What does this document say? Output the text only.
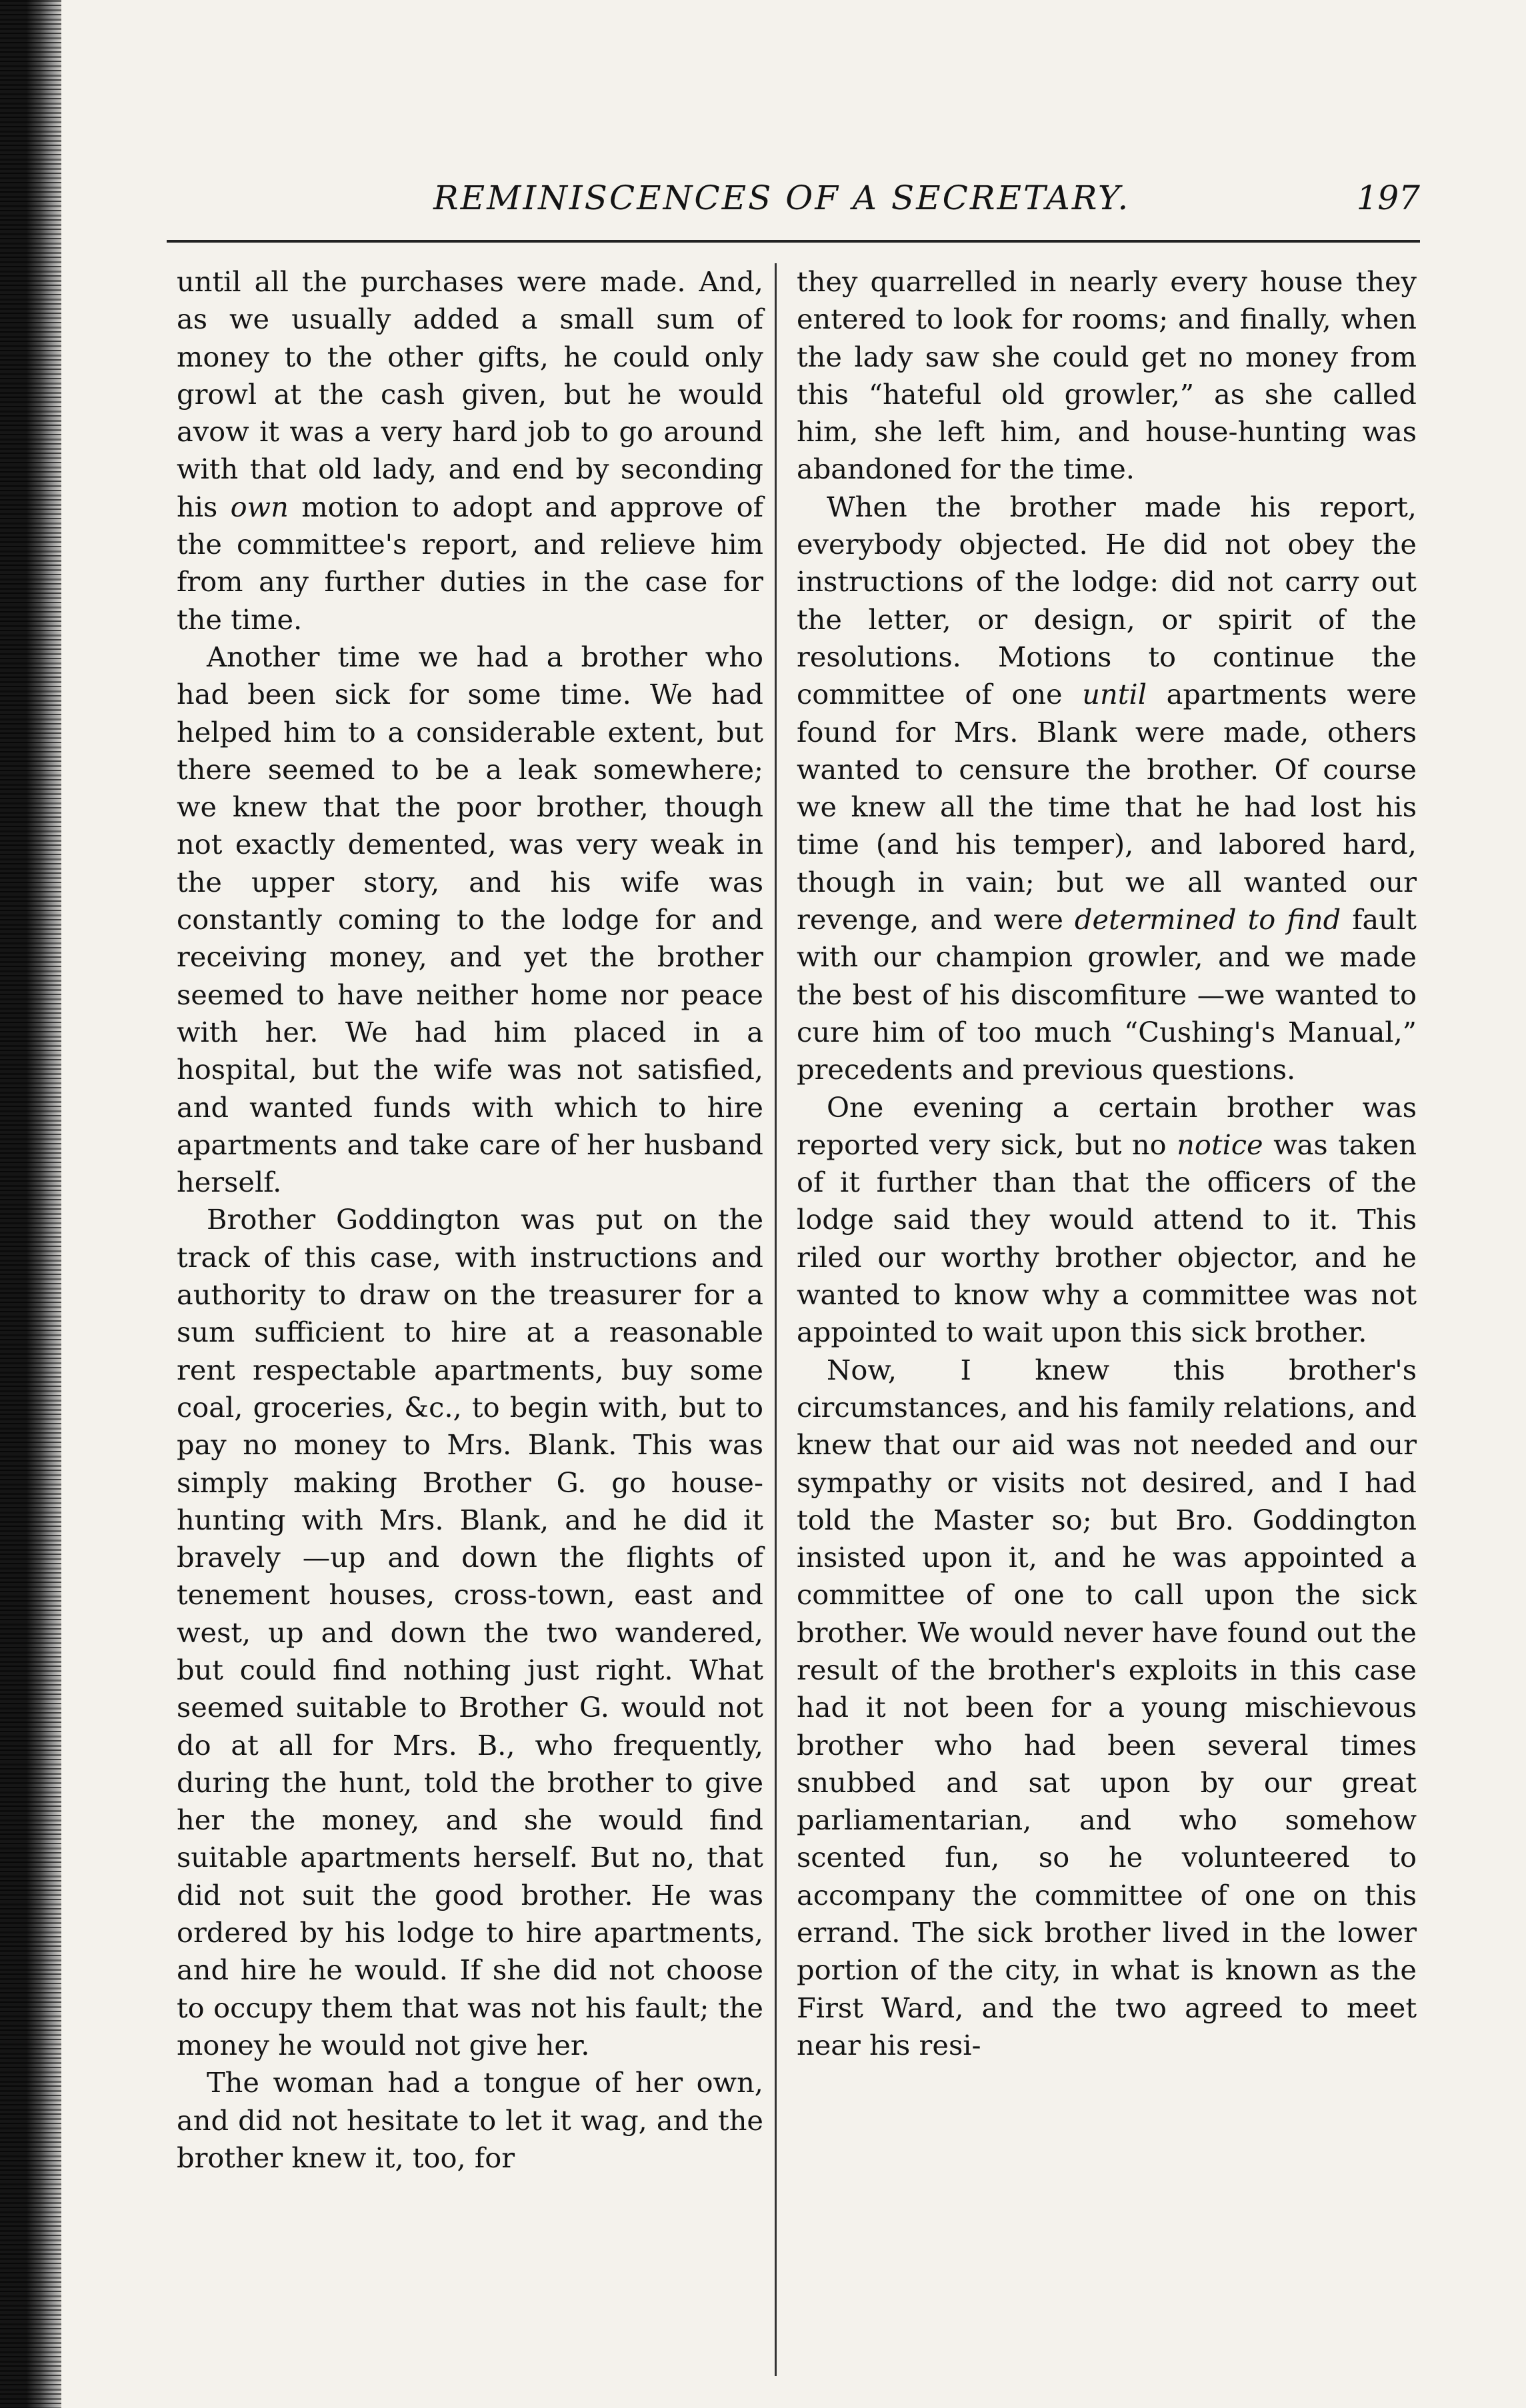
REMINISCENCES OF A SECRETARY.	197

until all the purchases were made. And, as we usually added a small sum of money to the other gifts, he could only growl at the cash given, but he would avow it was a very hard job to go around with that old lady, and end by seconding his own motion to adopt and approve of the committee's report, and relieve him from any further duties in the case for the time.

Another time we had a brother who had been sick for some time. We had helped him to a considerable extent, but there seemed to be a leak somewhere; we knew that the poor brother, though not exactly demented, was very weak in the upper story, and his wife was constantly coming to the lodge for and receiving money, and yet the brother seemed to have neither home nor peace with her. We had him placed in a hospital, but the wife was not satisfied, and wanted funds with which to hire apartments and take care of her husband herself.

Brother Goddington was put on the track of this case, with instructions and authority to draw on the treasurer for a sum sufficient to hire at a reasonable rent respectable apartments, buy some coal, groceries, &c., to begin with, but to pay no money to Mrs. Blank. This was simply making Brother G. go house-hunting with Mrs. Blank, and he did it bravely —up and down the flights of tenement houses, cross-town, east and west, up and down the two wandered, but could find nothing just right. What seemed suitable to Brother G. would not do at all for Mrs. B., who frequently, during the hunt, told the brother to give her the money, and she would find suitable apartments herself. But no, that did not suit the good brother. He was ordered by his lodge to hire apartments, and hire he would. If she did not choose to occupy them that was not his fault; the money he would not give her.

The woman had a tongue of her own, and did not hesitate to let it wag, and the brother knew it, too, for

they quarrelled in nearly every house they entered to look for rooms; and finally, when the lady saw she could get no money from this “hateful old growler,” as she called him, she left him, and house-hunting was abandoned for the time.

When the brother made his report, everybody objected. He did not obey the instructions of the lodge: did not carry out the letter, or design, or spirit of the resolutions. Motions to continue the committee of one until apartments were found for Mrs. Blank were made, others wanted to censure the brother. Of course we knew all the time that he had lost his time (and his temper), and labored hard, though in vain; but we all wanted our revenge, and were determined to find fault with our champion growler, and we made the best of his discomfiture —we wanted to cure him of too much “Cushing's Manual,” precedents and previous questions.

One evening a certain brother was reported very sick, but no notice was taken of it further than that the officers of the lodge said they would attend to it. This riled our worthy brother objector, and he wanted to know why a committee was not appointed to wait upon this sick brother.

Now, I knew this brother's circumstances, and his family relations, and knew that our aid was not needed and our sympathy or visits not desired, and I had told the Master so; but Bro. Goddington insisted upon it, and he was appointed a committee of one to call upon the sick brother. We would never have found out the result of the brother's exploits in this case had it not been for a young mischievous brother who had been several times snubbed and sat upon by our great parliamentarian, and who somehow scented fun, so he volunteered to accompany the committee of one on this errand. The sick brother lived in the lower portion of the city, in what is known as the First Ward, and the two agreed to meet near his resi-
